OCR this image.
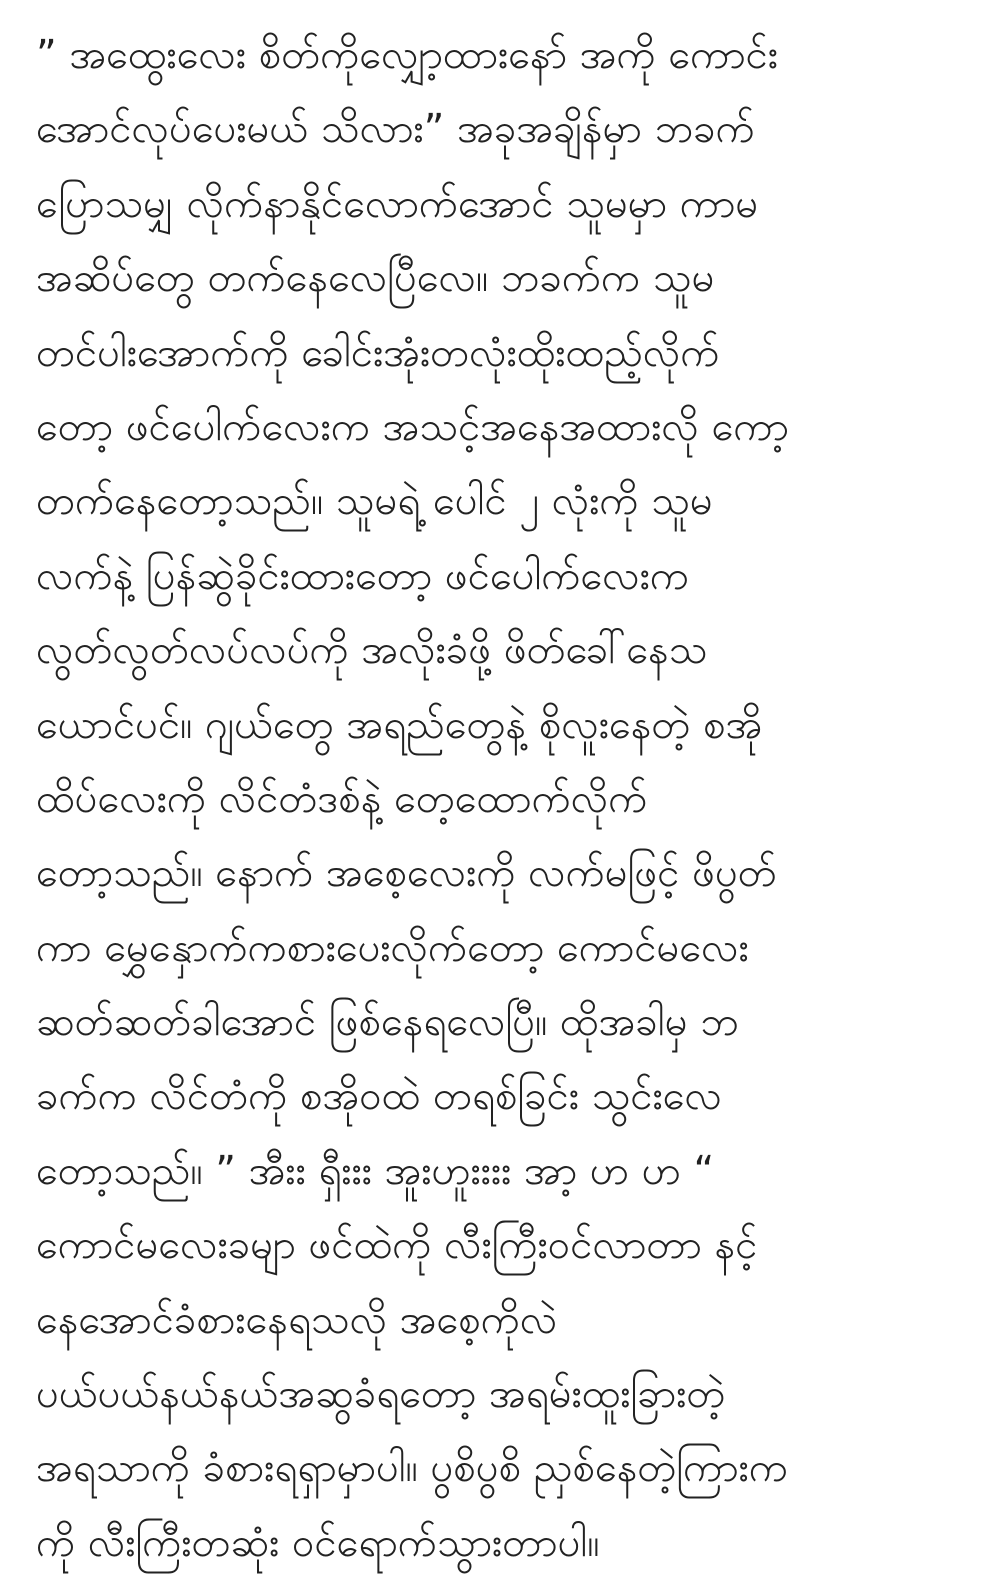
” အထွေးလေး စိတ်ကိုလျှော့ထားနော် အကို ကောင်း
အောင်လုပ်ပေးမယ် သိလား” အခုအချိန်မှာ ဘခက်
ပြောသမျှ လိုက်နာနိုင်လောက်အောင် သူမမှာ ကာမ
အဆိပ်တွေ တက်နေလေပြီလေ။ ဘခက်က သူမ
တင်ပါးအောက်ကို ခေါင်းအုံးတလုံးထိုးထည့်လိုက်
တော့ ဖင်ပေါက်လေးက အသင့်အနေအထားလို ကော့
တက်နေတော့သည်။ သူမရဲ့ ပေါင် ၂ လုံးကို သူမ
လက်နဲ့ ပြန်ဆွဲခိုင်းထားတော့ ဖင်ပေါက်လေးက
လွတ်လွတ်လပ်လပ်ကို အလိုးခံဖို့ ဖိတ်ခေါ်နေသ
ယောင်ပင်။ ဂျယ်တွေ အရည်တွေနဲ့ စိုလူးနေတဲ့ စအို
ထိပ်လေးကို လိင်တံဒစ်နဲ့ တေ့ထောက်လိုက်
တော့သည်။ နောက် အစေ့လေးကို လက်မဖြင့် ဖိပွတ်
ကာ မွှေနှောက်ကစားပေးလိုက်တော့ ကောင်မလေး
ဆတ်ဆတ်ခါအောင် ဖြစ်နေရလေပြီ။ ထိုအခါမှ ဘ
ခက်က လိင်တံကို စအိုဝထဲ တရစ်ခြင်း သွင်းလေ
တော့သည်။ ” အီးး ရှီးးး အူးဟူးးးး အာ့ ဟ ဟ “
ကောင်မလေးခမျာ ဖင်ထဲကို လီးကြီးဝင်လာတာ နင့်
နေအောင်ခံစားနေရသလို အစေ့ကိုလဲ
ပယ်ပယ်နယ်နယ်အဆွခံရတော့ အရမ်းထူးခြားတဲ့
အရသာကို ခံစားရရှာမှာပါ။ ပွစိပွစိ ညှစ်နေတဲ့ကြားက
ကို လီးကြီးတဆုံး ဝင်ရောက်သွားတာပါ။
